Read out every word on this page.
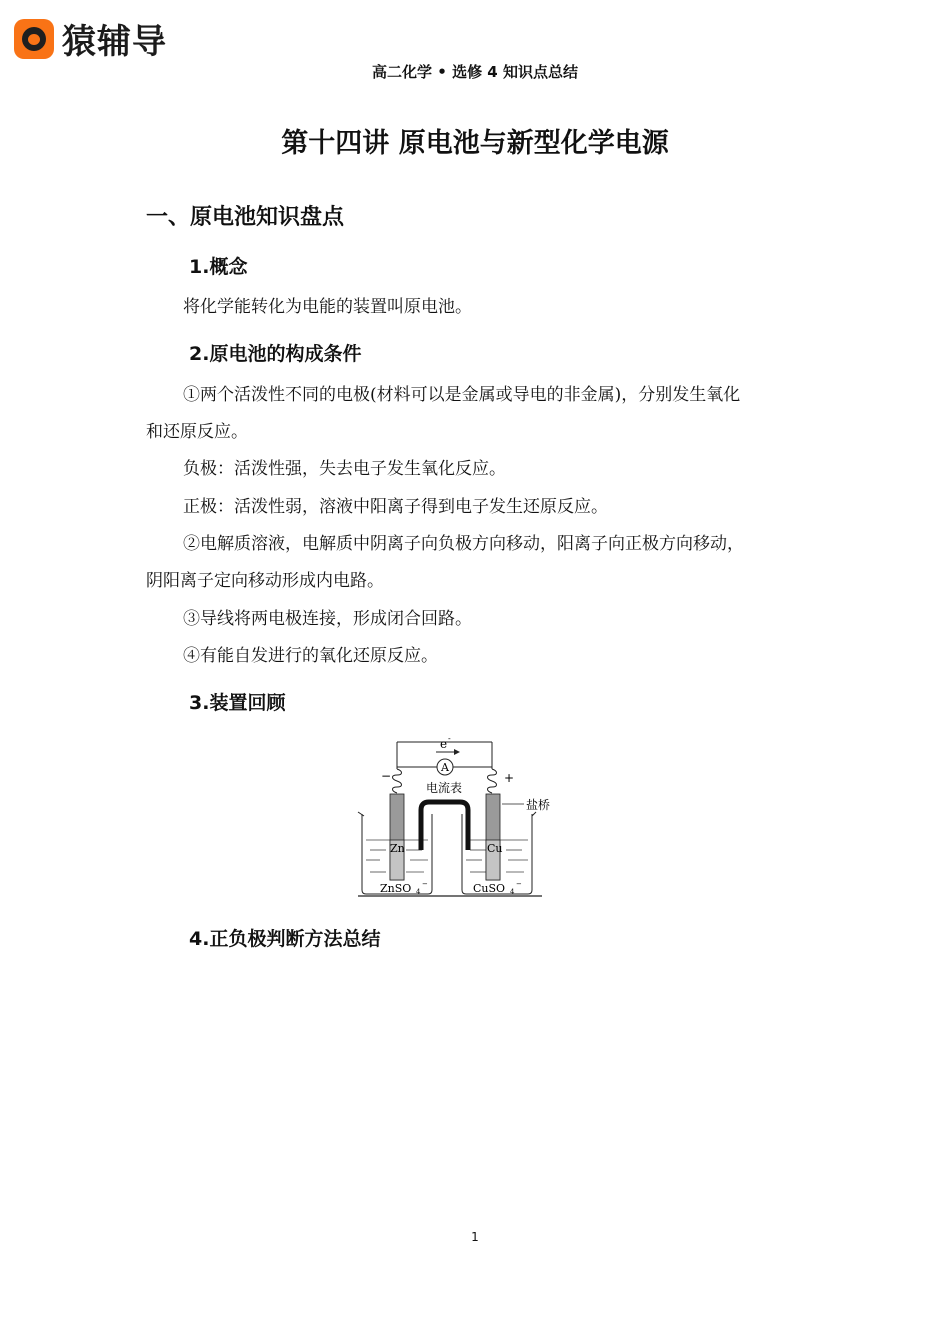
猿辅导
高二化学 • 选修 4 知识点总结
第十四讲 原电池与新型化学电源
一、原电池知识盘点
1.概念
将化学能转化为电能的装置叫原电池。
2.原电池的构成条件
①两个活泼性不同的电极(材料可以是金属或导电的非金属)，分别发生氧化
和还原反应。
负极：活泼性强，失去电子发生氧化反应。
正极：活泼性弱，溶液中阳离子得到电子发生还原反应。
②电解质溶液，电解质中阴离子向负极方向移动，阳离子向正极方向移动，
阴阳离子定向移动形成内电路。
③导线将两电极连接，形成闭合回路。
④有能自发进行的氧化还原反应。
3.装置回顾
e -
A
电流表
−	+
盐桥
Zn	Cu
ZnSO 4
−	CuSO 4
−
4.正负极判断方法总结
1
